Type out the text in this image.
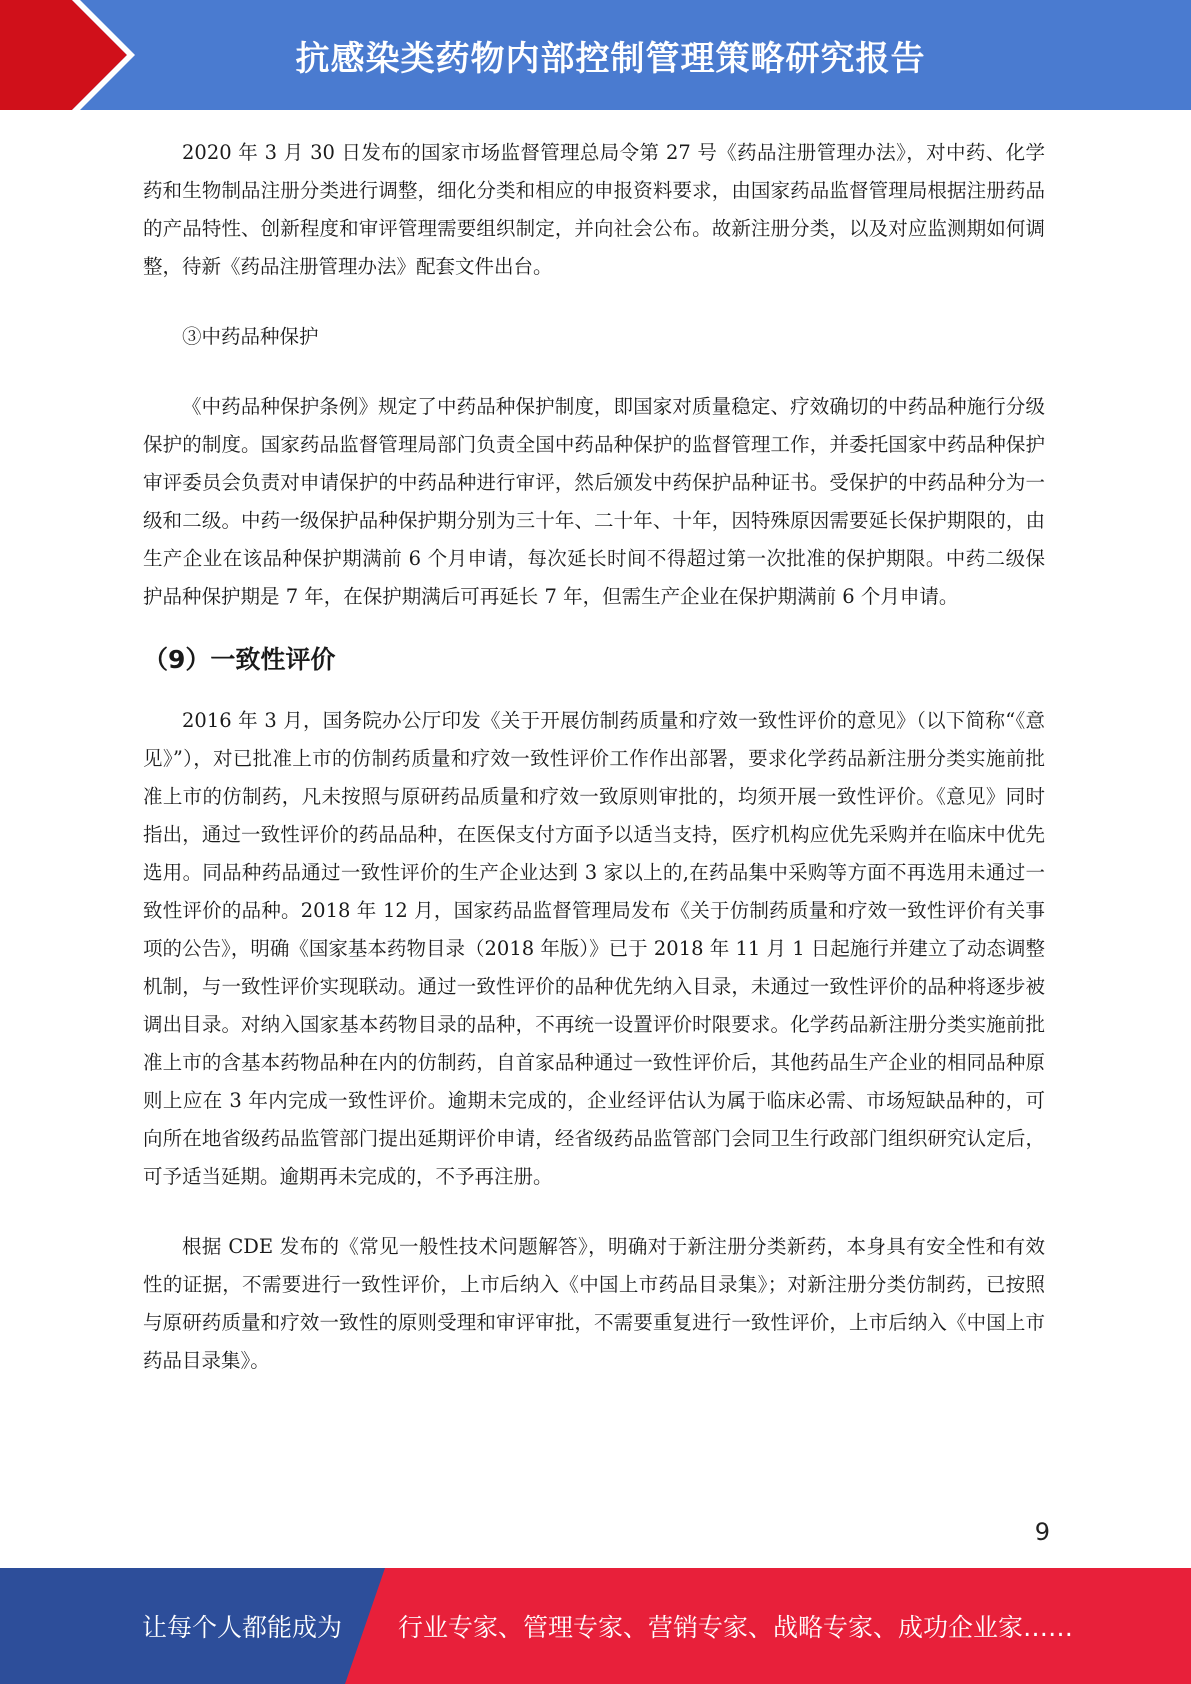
抗感染类药物内部控制管理策略研究报告

2020 年 3 月 30 日发布的国家市场监督管理总局令第 27 号《药品注册管理办法》，对中药、化学药和生物制品注册分类进行调整，细化分类和相应的申报资料要求，由国家药品监督管理局根据注册药品的产品特性、创新程度和审评管理需要组织制定，并向社会公布。故新注册分类，以及对应监测期如何调整，待新《药品注册管理办法》配套文件出台。

③中药品种保护

《中药品种保护条例》规定了中药品种保护制度，即国家对质量稳定、疗效确切的中药品种施行分级保护的制度。国家药品监督管理局部门负责全国中药品种保护的监督管理工作，并委托国家中药品种保护审评委员会负责对申请保护的中药品种进行审评，然后颁发中药保护品种证书。受保护的中药品种分为一级和二级。中药一级保护品种保护期分别为三十年、二十年、十年，因特殊原因需要延长保护期限的，由生产企业在该品种保护期满前 6 个月申请，每次延长时间不得超过第一次批准的保护期限。中药二级保护品种保护期是 7 年，在保护期满后可再延长 7 年，但需生产企业在保护期满前 6 个月申请。

（9）一致性评价

2016 年 3 月，国务院办公厅印发《关于开展仿制药质量和疗效一致性评价的意见》（以下简称“《意见》”），对已批准上市的仿制药质量和疗效一致性评价工作作出部署，要求化学药品新注册分类实施前批准上市的仿制药，凡未按照与原研药品质量和疗效一致原则审批的，均须开展一致性评价。《意见》同时指出，通过一致性评价的药品品种，在医保支付方面予以适当支持，医疗机构应优先采购并在临床中优先选用。同品种药品通过一致性评价的生产企业达到 3 家以上的,在药品集中采购等方面不再选用未通过一致性评价的品种。2018 年 12 月，国家药品监督管理局发布《关于仿制药质量和疗效一致性评价有关事项的公告》，明确《国家基本药物目录（2018 年版）》已于 2018 年 11 月 1 日起施行并建立了动态调整机制，与一致性评价实现联动。通过一致性评价的品种优先纳入目录，未通过一致性评价的品种将逐步被调出目录。对纳入国家基本药物目录的品种，不再统一设置评价时限要求。化学药品新注册分类实施前批准上市的含基本药物品种在内的仿制药，自首家品种通过一致性评价后，其他药品生产企业的相同品种原则上应在 3 年内完成一致性评价。逾期未完成的，企业经评估认为属于临床必需、市场短缺品种的，可向所在地省级药品监管部门提出延期评价申请，经省级药品监管部门会同卫生行政部门组织研究认定后，可予适当延期。逾期再未完成的，不予再注册。

根据 CDE 发布的《常见一般性技术问题解答》，明确对于新注册分类新药，本身具有安全性和有效性的证据，不需要进行一致性评价，上市后纳入《中国上市药品目录集》；对新注册分类仿制药，已按照与原研药质量和疗效一致性的原则受理和审评审批，不需要重复进行一致性评价，上市后纳入《中国上市药品目录集》。

9
让每个人都能成为 行业专家、管理专家、营销专家、战略专家、成功企业家……
